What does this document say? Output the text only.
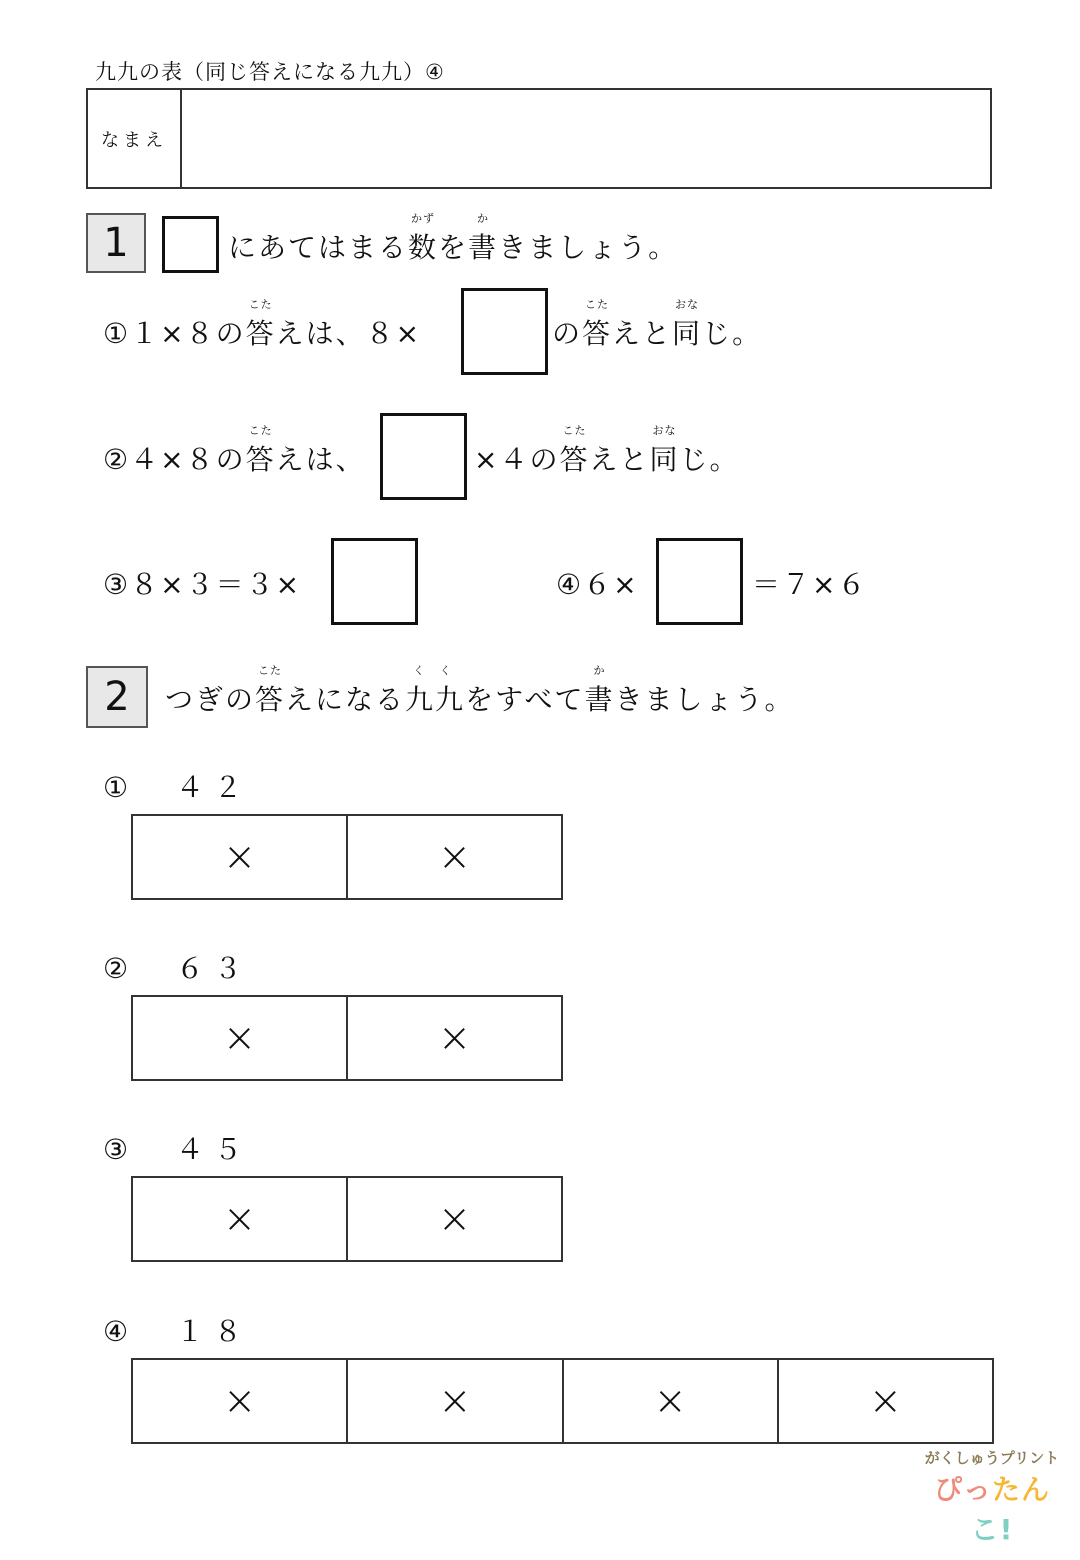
九九の表（同じ答えになる九九）④
なまえ
1	にあてはまる
かず
数を
か
書きましょう。
①１×８の
こた
答えは、８×	の
こた
答えと
おな
同じ。
②４×８の
こた
答えは、	×４の
こた
答えと
おな
同じ。
③８×３＝３×	④６×	＝７×６
2	つぎの
こた
答えになる
く く
九九をすべて
か
書きましょう。
① ４２
×	×
② ６３
×	×
③ ４５
×	×
④ １８
×	×	×	×
がくしゅうプリント
ぴったんこ!
